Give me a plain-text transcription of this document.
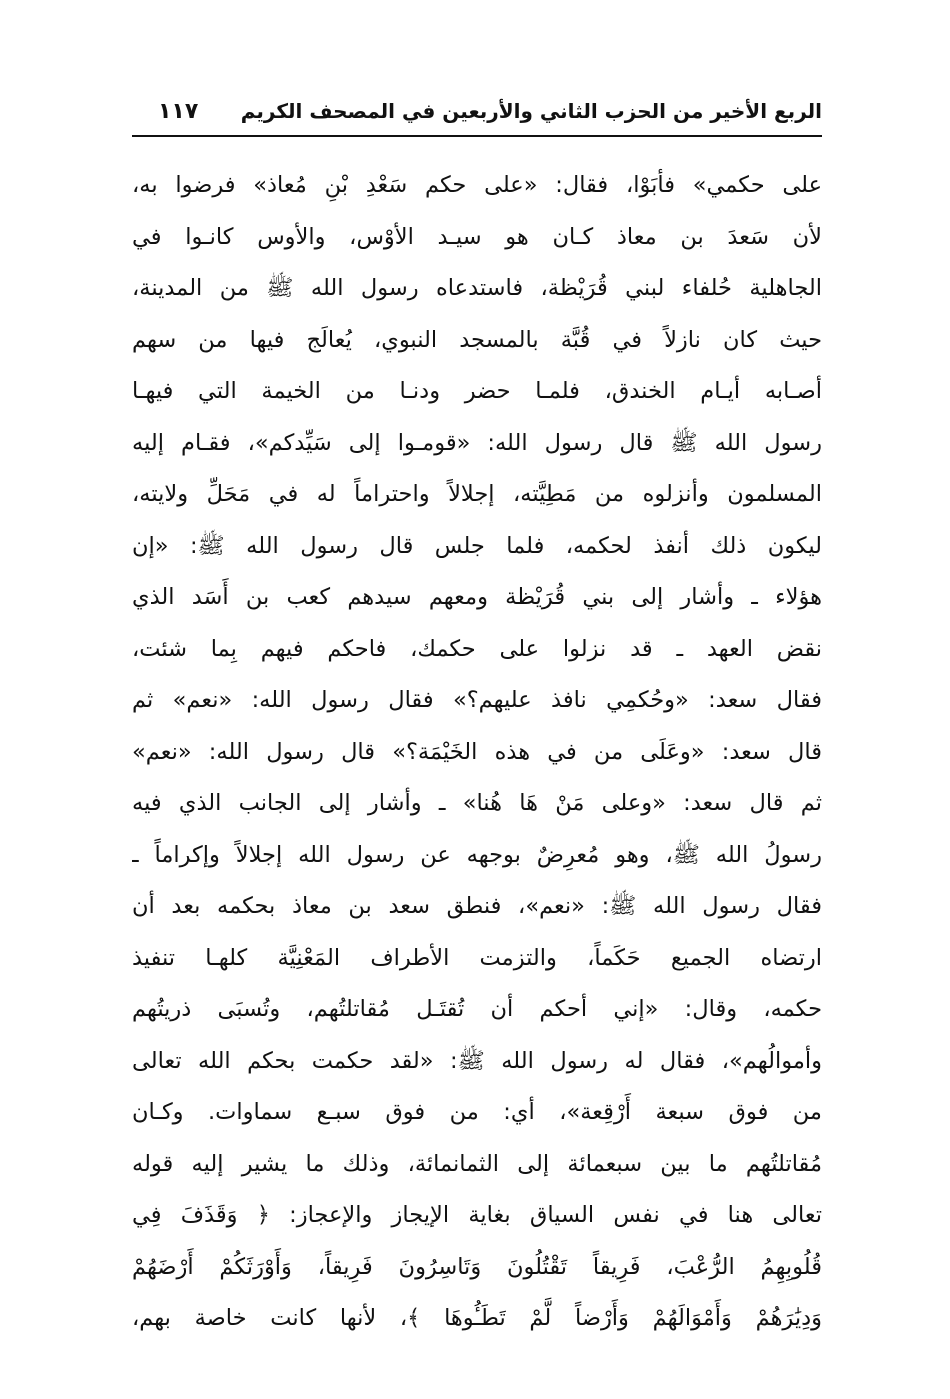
الربع الأخير من الحزب الثاني والأربعين في المصحف الكريم
١١٧
على حكمي» فأبَوْا، فقال: «على حكم سَعْدِ بْنِ مُعاذ» فرضوا به،
لأن سَعدَ بن معاذ كـان هو سيـد الأوْس، والأوس كانـوا في
الجاهلية حُلفاء لبني قُرَيْظة، فاستدعاه رسول الله ﷺ من المدينة،
حيث كان نازلاً في قُبَّة بالمسجد النبوي، يُعالَج فيها من سهم
أصـابه أيـام الخندق، فلمـا حضر ودنـا من الخيمة التي فيهـا
رسول الله ﷺ قال رسول الله: «قومـوا إلى سَيِّدكم»، فقـام إليه
المسلمون وأنزلوه من مَطِيَّته، إجلالاً واحتراماً له في مَحَلِّ ولايته،
ليكون ذلك أنفذ لحكمه، فلما جلس قال رسول الله ﷺ: «إن
هؤلاء ـ وأشار إلى بني قُرَيْظة ومعهم سيدهم كعب بن أَسَد الذي
نقض العهد ـ قد نزلوا على حكمك، فاحكم فيهم بِما شئت،
فقال سعد: «وحُكمِي نافذ عليهم؟» فقال رسول الله: «نعم» ثم
قال سعد: «وعَلَى من في هذه الخَيْمَة؟» قال رسول الله: «نعم»
ثم قال سعد: «وعلى مَنْ هَا هُنا» ـ وأشار إلى الجانب الذي فيه
رسولُ الله ﷺ، وهو مُعرِضٌ بوجهه عن رسول الله إجلالاً وإكراماً ـ
فقال رسول الله ﷺ: «نعم»، فنطق سعد بن معاذ بحكمه بعد أن
ارتضاه الجميع حَكَماً، والتزمت الأطراف المَعْنِيَّة كلهـا تنفيذ
حكمه، وقال: «إني أحكم أن تُقتَـل مُقاتلتُهم، وتُسبَى ذريتُهم
وأموالُهم»، فقال له رسول الله ﷺ: «لقد حكمت بحكم الله تعالى
من فوق سبعة أَرْقِعة»، أي: من فوق سبـع سماوات. وكـان
مُقاتلتُهم ما بين سبعمائة إلى الثمانمائة، وذلك ما يشير إليه قوله
تعالى هنا في نفس السياق بغاية الإيجاز والإعجاز: ﴿ وَقَذَفَ فِي
قُلُوبِهِمُ الرُّعْبَ، فَرِيقاً تَقْتُلُونَ وَتَاسِرُونَ فَرِيقاً، وَأَوْرَثَكُمْ أَرْضَهُمْ
وَدِيَٰرَهُمْ وَأَمْوَالَهُمْ وَأَرْضاً لَّمْ تَطَـُٔوهَا ﴾، لأنها كانت خاصة بهم،
